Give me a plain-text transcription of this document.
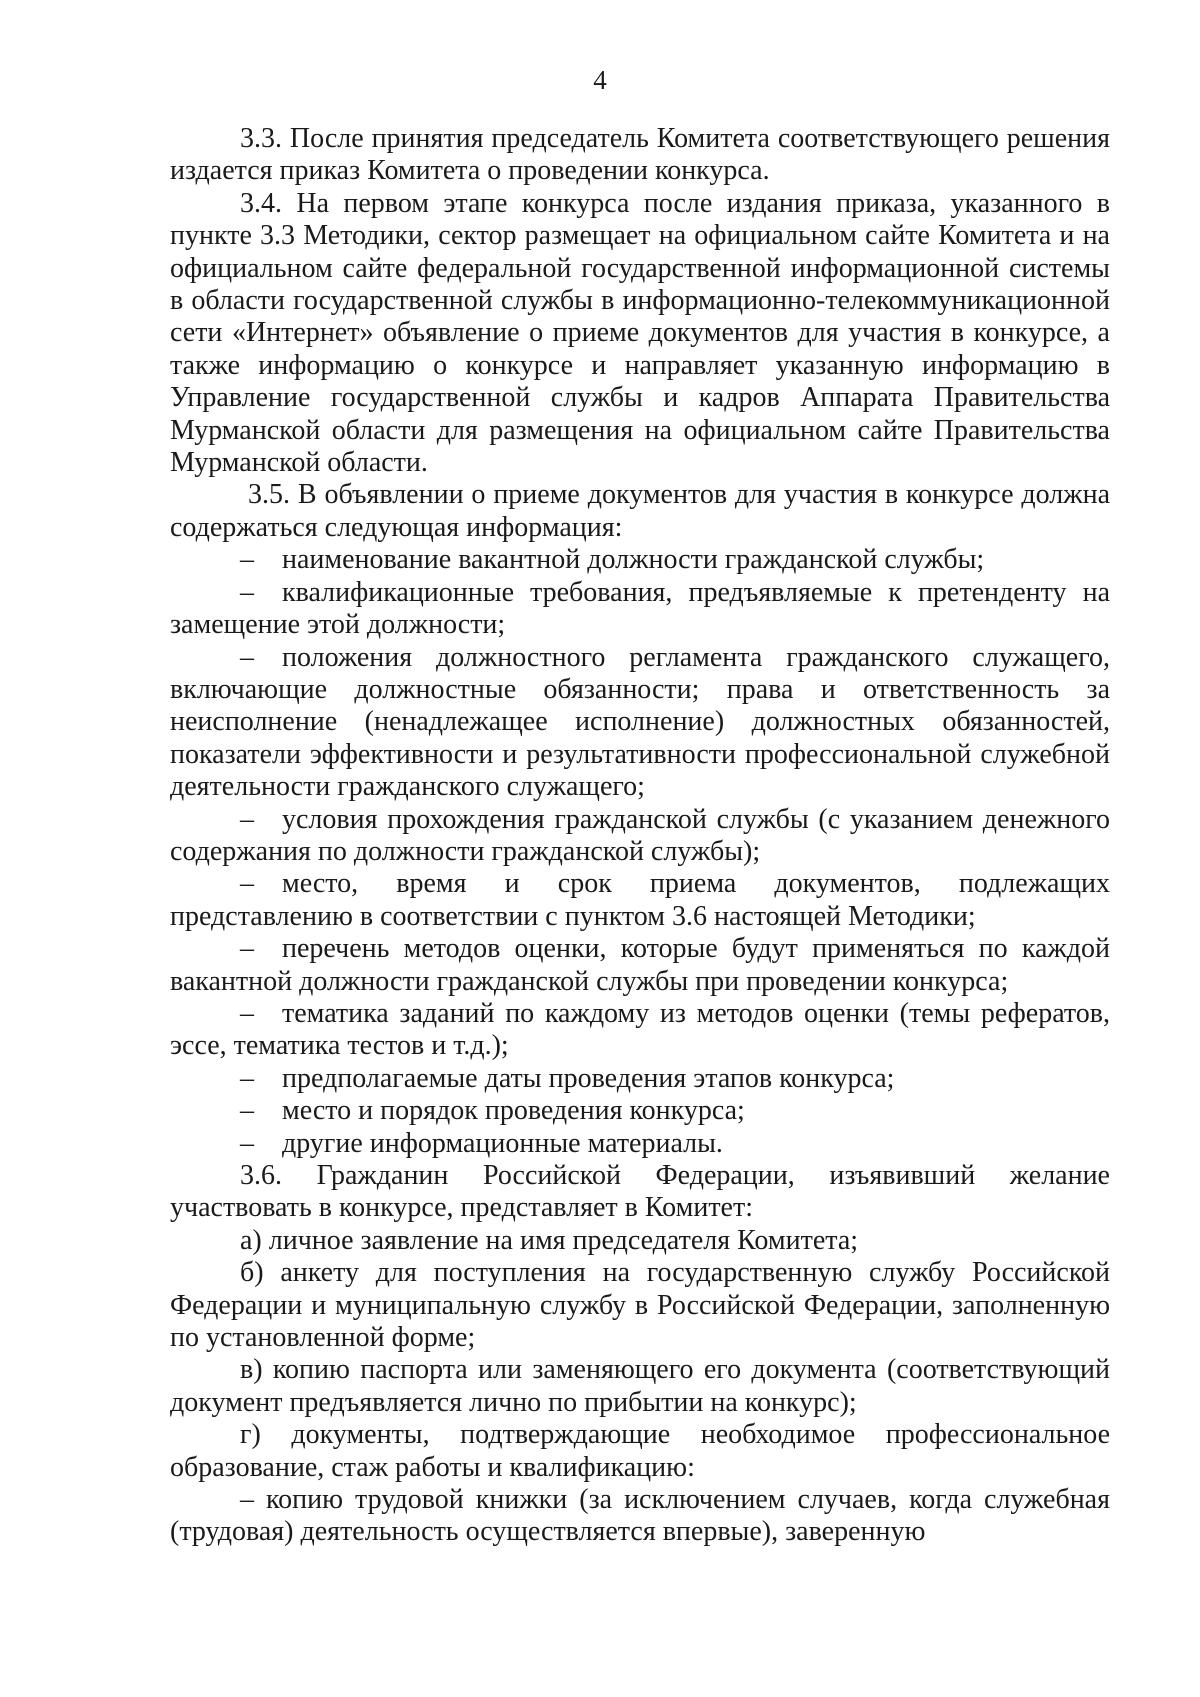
4

3.3. После принятия председатель Комитета соответствующего решения издается приказ Комитета о проведении конкурса.

3.4. На первом этапе конкурса после издания приказа, указанного в пункте 3.3 Методики, сектор размещает на официальном сайте Комитета и на официальном сайте федеральной государственной информационной системы в области государственной службы в информационно-телекоммуникационной сети «Интернет» объявление о приеме документов для участия в конкурсе, а также информацию о конкурсе и направляет указанную информацию в Управление государственной службы и кадров Аппарата Правительства Мурманской области для размещения на официальном сайте Правительства Мурманской области.

3.5. В объявлении о приеме документов для участия в конкурсе должна содержаться следующая информация:

– наименование вакантной должности гражданской службы;

– квалификационные требования, предъявляемые к претенденту на замещение этой должности;

– положения должностного регламента гражданского служащего, включающие должностные обязанности; права и ответственность за неисполнение (ненадлежащее исполнение) должностных обязанностей, показатели эффективности и результативности профессиональной служебной деятельности гражданского служащего;

– условия прохождения гражданской службы (с указанием денежного содержания по должности гражданской службы);

– место, время и срок приема документов, подлежащих представлению в соответствии с пунктом 3.6 настоящей Методики;

– перечень методов оценки, которые будут применяться по каждой вакантной должности гражданской службы при проведении конкурса;

– тематика заданий по каждому из методов оценки (темы рефератов, эссе, тематика тестов и т.д.);

– предполагаемые даты проведения этапов конкурса;

– место и порядок проведения конкурса;

– другие информационные материалы.

3.6. Гражданин Российской Федерации, изъявивший желание участвовать в конкурсе, представляет в Комитет:

а) личное заявление на имя председателя Комитета;

б) анкету для поступления на государственную службу Российской Федерации и муниципальную службу в Российской Федерации, заполненную по установленной форме;

в) копию паспорта или заменяющего его документа (соответствующий документ предъявляется лично по прибытии на конкурс);

г) документы, подтверждающие необходимое профессиональное образование, стаж работы и квалификацию:

– копию трудовой книжки (за исключением случаев, когда служебная (трудовая) деятельность осуществляется впервые), заверенную
